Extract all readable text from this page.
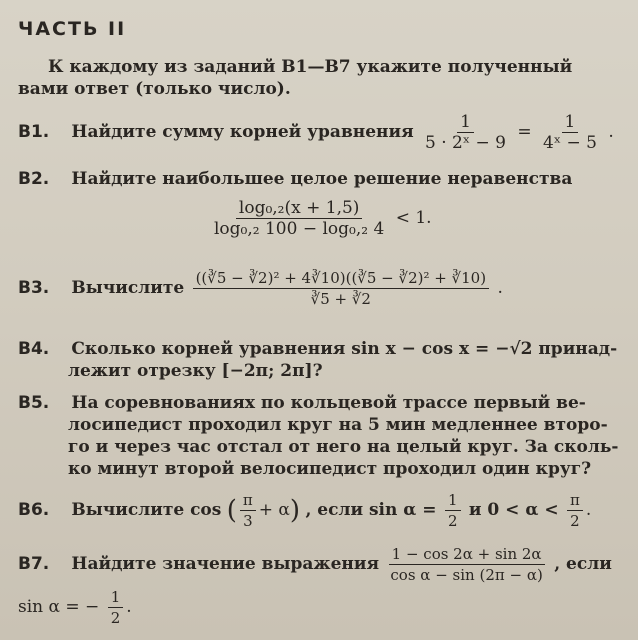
ЧАСТЬ II
К каждому из заданий B1—B7 укажите полученный вами ответ (только число).
B1. Найдите сумму корней уравнения $\frac{1}{\text{5 · 2ˣ − 9}} = \frac{1}{\text{4ˣ − 5}}$ .
B2. Найдите наибольшее целое решение неравенства
$\frac{\text{log₀,₂(x + 1,5)}}{\text{log₀,₂ 100 − log₀,₂ 4}} < 1$.
B3. Вычислите $\frac{\text{((∛5 − ∛2)² + 4∛10)((∛5 − ∛2)² + ∛10)}}{∛5 + ∛2}$ .
B4. Сколько корней уравнения sin x − cos x = −√2 принад-
лежит отрезку [−2π; 2π]?
B5. На соревнованиях по кольцевой трассе первый ве-
лосипедист проходил круг на 5 мин медленнее второ-
го и через час отстал от него на целый круг. За сколь-
ко минут второй велосипедист проходил один круг?
B6. Вычислите cos ( $\frac{\pi}{3} + \alpha$) , если $\sin \alpha = \frac{1}{2}$ и $0 < \alpha < \frac{\pi}{2}$ .
B7. Найдите значение выражения $\frac{1 - \cos 2\alpha + \sin 2\alpha}{\text{cos α − sin (2π − α)}}$ , если
sin α = − $\frac{1}{2}$ .
